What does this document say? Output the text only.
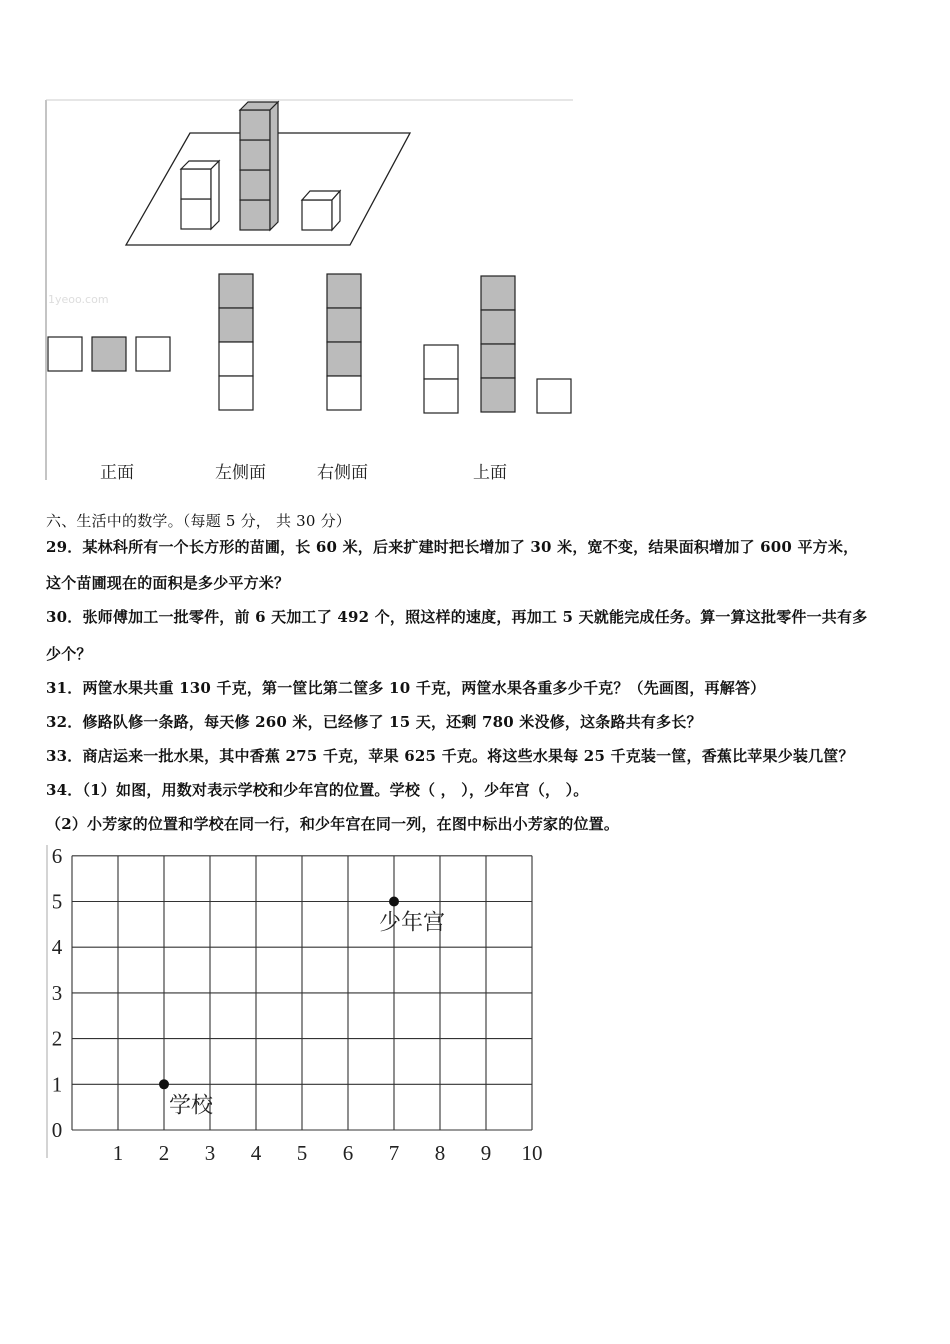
1yeoo.com
正面	左侧面	右侧面	上面
六、生活中的数学。（每题 5 分， 共 30 分）
29．某林科所有一个长方形的苗圃，长 60 米，后来扩建时把长增加了 30 米，宽不变，结果面积增加了 600 平方米，
这个苗圃现在的面积是多少平方米？
30．张师傅加工一批零件，前 6 天加工了 492 个，照这样的速度，再加工 5 天就能完成任务。算一算这批零件一共有多
少个？
31．两筐水果共重 130 千克，第一筐比第二筐多 10 千克，两筐水果各重多少千克？（先画图，再解答）
32．修路队修一条路，每天修 260 米，已经修了 15 天，还剩 780 米没修，这条路共有多长？
33．商店运来一批水果，其中香蕉 275 千克，苹果 625 千克。将这些水果每 25 千克装一筐，香蕉比苹果少装几筐？
34．（1）如图，用数对表示学校和少年宫的位置。学校（ ， ），少年宫（， ）。
（2）小芳家的位置和学校在同一行，和少年宫在同一列，在图中标出小芳家的位置。
1 2 3 4 5 6 7 8 9 10
0
1
2
3
4
5
6
学校
少年宫
